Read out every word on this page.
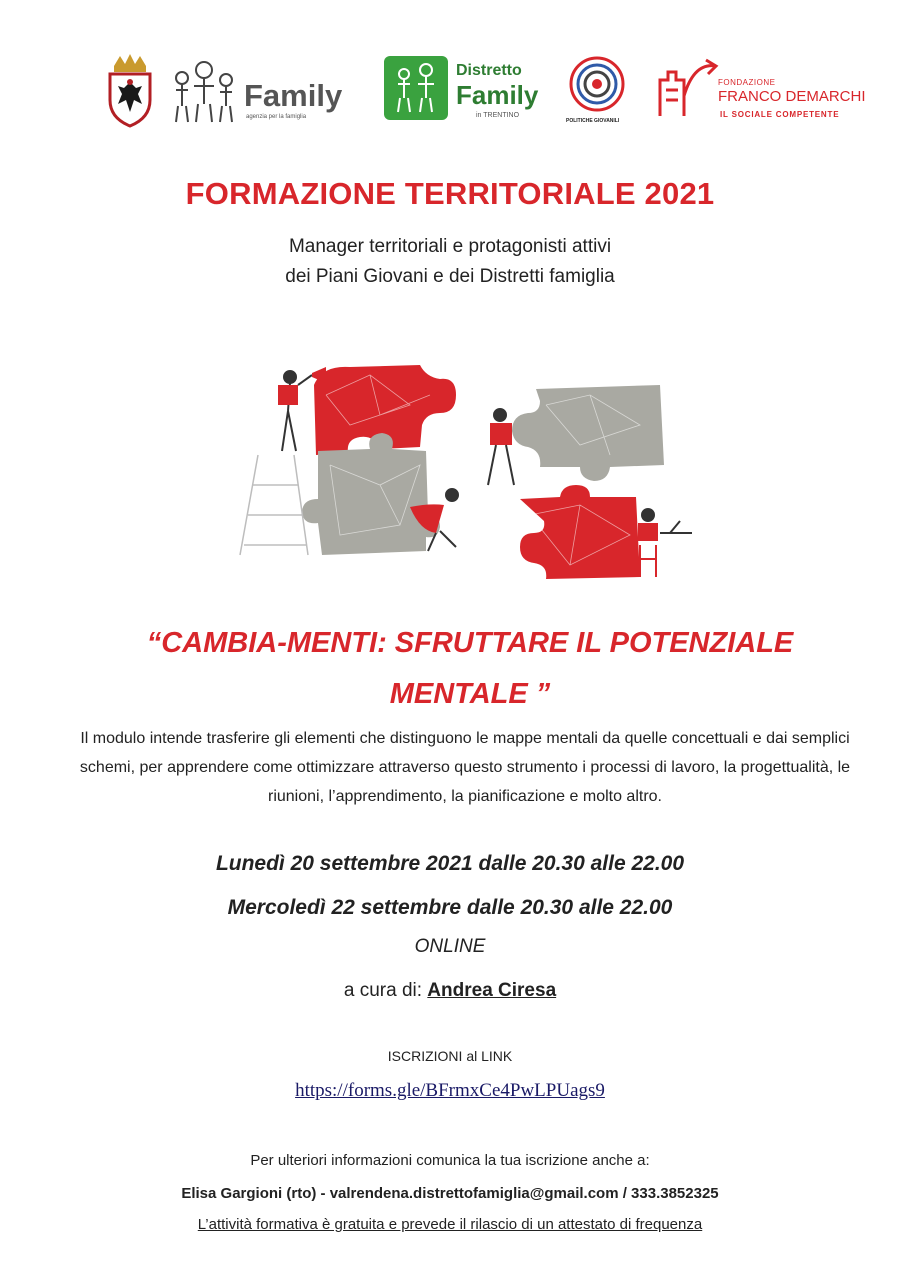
Family
agenzia per la famiglia
Distretto
Family
in TRENTINO
POLITICHE GIOVANILI
FONDAZIONE
FRANCO DEMARCHI
IL SOCIALE COMPETENTE
FORMAZIONE TERRITORIALE 2021
Manager territoriali e protagonisti attivi
dei Piani Giovani e dei Distretti famiglia
“CAMBIA-MENTI: SFRUTTARE IL POTENZIALE
MENTALE ”
Il modulo intende trasferire gli elementi che distinguono le mappe mentali da quelle concettuali e dai semplici schemi, per apprendere come ottimizzare attraverso questo strumento i processi di lavoro, la progettualità, le riunioni, l’apprendimento, la pianificazione e molto altro.
Lunedì 20 settembre 2021 dalle 20.30 alle 22.00
Mercoledì 22 settembre dalle 20.30 alle 22.00
ONLINE
a cura di: Andrea Ciresa
ISCRIZIONI al LINK
https://forms.gle/BFrmxCe4PwLPUags9
Per ulteriori informazioni comunica la tua iscrizione anche a:
Elisa Gargioni (rto) - valrendena.distrettofamiglia@gmail.com / 333.3852325
L’attività formativa è gratuita e prevede il rilascio di un attestato di frequenza
